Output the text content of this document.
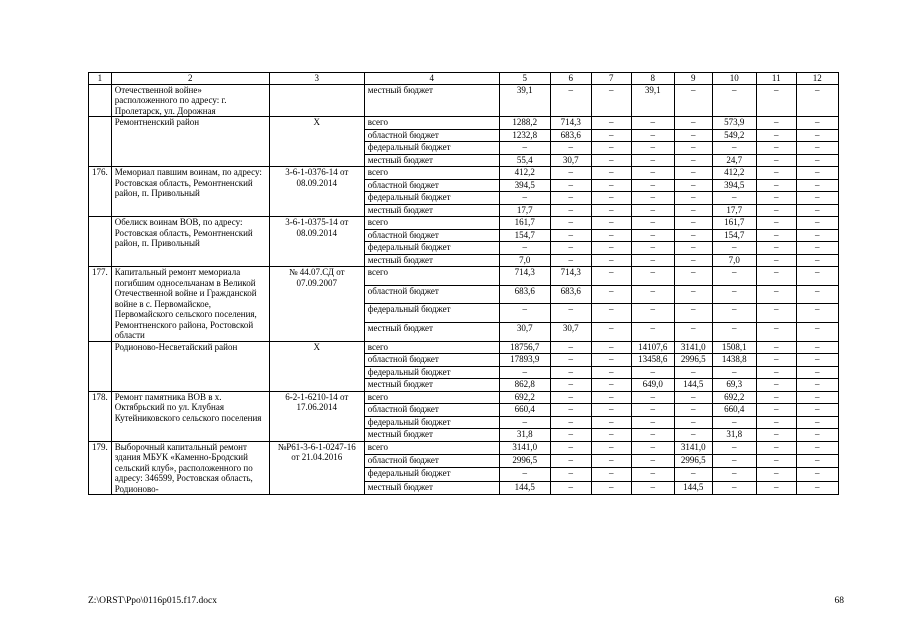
1	2	3	4	5	6	7	8	9	10	11	12
	Отечественной войне» расположенного по адресу: г. Пролетарск, ул. Дорожная		местный бюджет	39,1	–	–	39,1	–	–	–	–
	Ремонтненский район	Х	всего	1288,2	714,3	–	–	–	573,9	–	–
			областной бюджет	1232,8	683,6	–	–	–	549,2	–	–
			федеральный бюджет	–	–	–	–	–	–	–	–
			местный бюджет	55,4	30,7	–	–	–	24,7	–	–
176.	Мемориал павшим воинам, по адресу: Ростовская область, Ремонтненский район, п. Привольный	3-6-1-0376-14 от 08.09.2014	всего	412,2	–	–	–	–	412,2	–	–
			областной бюджет	394,5	–	–	–	–	394,5	–	–
			федеральный бюджет	–	–	–	–	–	–	–	–
			местный бюджет	17,7	–	–	–	–	17,7	–	–
	Обелиск воинам ВОВ, по адресу: Ростовская область, Ремонтненский район, п. Привольный	3-6-1-0375-14 от 08.09.2014	всего	161,7	–	–	–	–	161,7	–	–
			областной бюджет	154,7	–	–	–	–	154,7	–	–
			федеральный бюджет	–	–	–	–	–	–	–	–
			местный бюджет	7,0	–	–	–	–	7,0	–	–
177.	Капитальный ремонт мемориала погибшим односельчанам в Великой Отечественной войне и Гражданской войне в с. Первомайское, Первомайского сельского поселения, Ремонтненского района, Ростовской области	№ 44.07.СД от 07.09.2007	всего	714,3	714,3	–	–	–	–	–	–
			областной бюджет	683,6	683,6	–	–	–	–	–	–
			федеральный бюджет	–	–	–	–	–	–	–	–
			местный бюджет	30,7	30,7	–	–	–	–	–	–
	Родионово-Несветайский район	Х	всего	18756,7	–	–	14107,6	3141,0	1508,1	–	–
			областной бюджет	17893,9	–	–	13458,6	2996,5	1438,8	–	–
			федеральный бюджет	–	–	–	–	–	–	–	–
			местный бюджет	862,8	–	–	649,0	144,5	69,3	–	–
178.	Ремонт памятника ВОВ в х. Октябрьский по ул. Клубная Кутейниковского сельского поселения	6-2-1-6210-14 от 17.06.2014	всего	692,2	–	–	–	–	692,2	–	–
			областной бюджет	660,4	–	–	–	–	660,4	–	–
			федеральный бюджет	–	–	–	–	–	–	–	–
			местный бюджет	31,8	–	–	–	–	31,8	–	–
179.	Выборочный капитальный ремонт здания МБУК «Каменно-Бродский сельский клуб», расположенного по адресу: 346599, Ростовская область, Родионово-	№Р61-3-6-1-0247-16 от 21.04.2016	всего	3141,0	–	–	–	3141,0	–	–	–
			областной бюджет	2996,5	–	–	–	2996,5	–	–	–
			федеральный бюджет	–	–	–	–	–	–	–	–
			местный бюджет	144,5	–	–	–	144,5	–	–	–
Z:\ORST\Ppo\0116p015.f17.docx	68
